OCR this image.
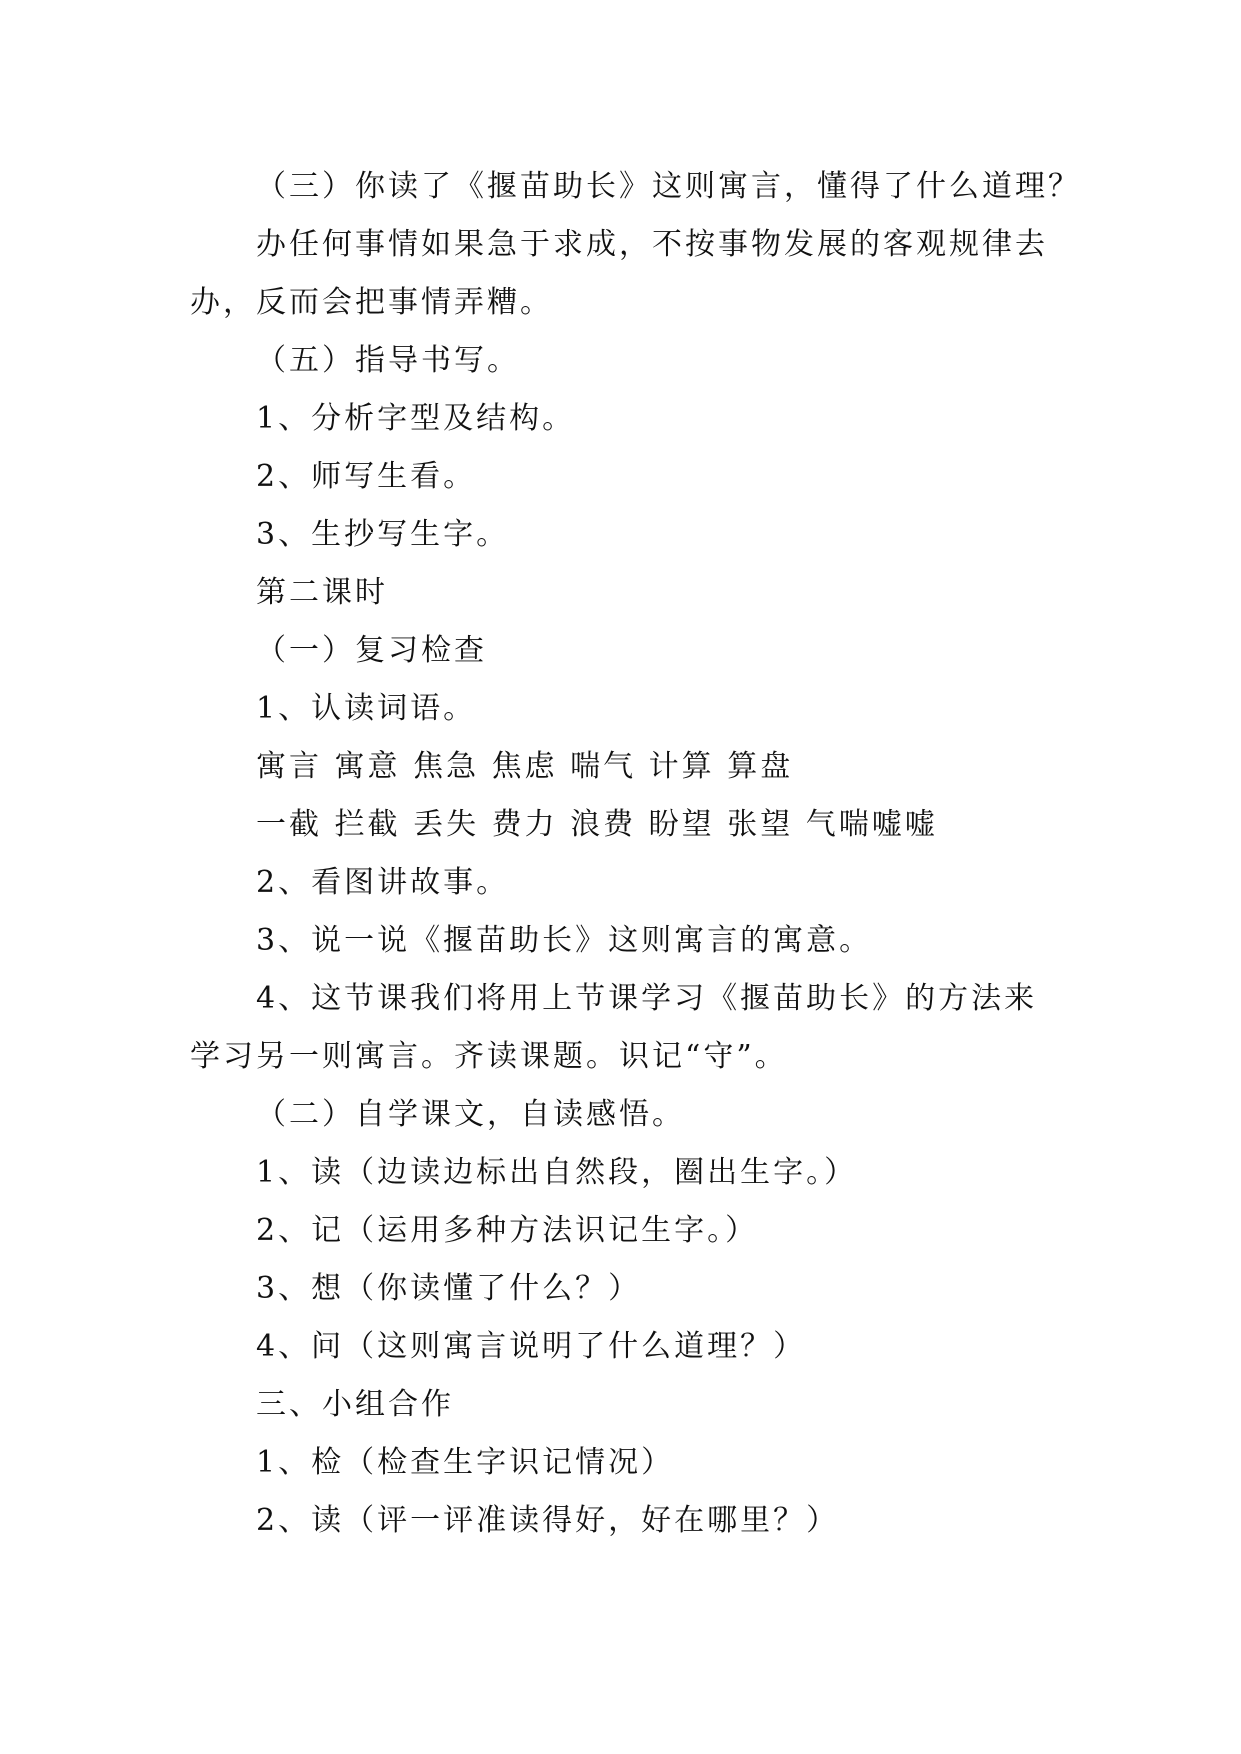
（三）你读了《揠苗助长》这则寓言，懂得了什么道理？
办任何事情如果急于求成，不按事物发展的客观规律去
办，反而会把事情弄糟。
（五）指导书写。
1、分析字型及结构。
2、师写生看。
3、生抄写生字。
第二课时
（一）复习检查
1、认读词语。
寓言 寓意 焦急 焦虑 喘气 计算 算盘
一截 拦截 丢失 费力 浪费 盼望 张望 气喘嘘嘘
2、看图讲故事。
3、说一说《揠苗助长》这则寓言的寓意。
4、这节课我们将用上节课学习《揠苗助长》的方法来
学习另一则寓言。齐读课题。识记“守”。
（二）自学课文，自读感悟。
1、读（边读边标出自然段，圈出生字。）
2、记（运用多种方法识记生字。）
3、想（你读懂了什么？）
4、问（这则寓言说明了什么道理？）
三、小组合作
1、检（检查生字识记情况）
2、读（评一评准读得好，好在哪里？）
